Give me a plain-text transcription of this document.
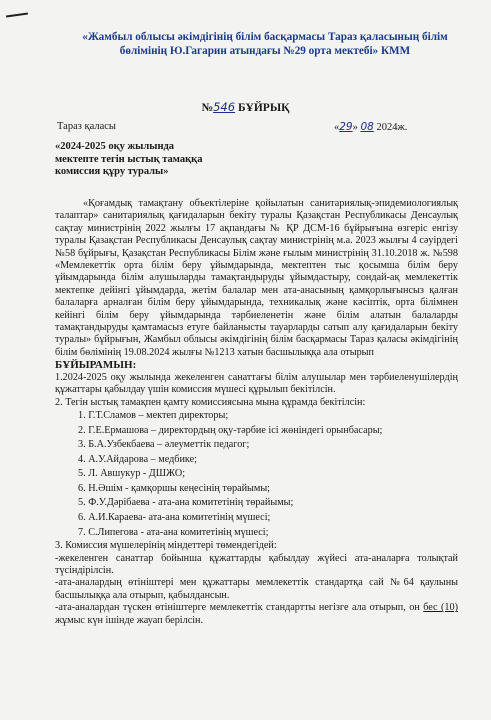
«Жамбыл облысы әкімдігінің білім басқармасы Тараз қаласының білім
бөлімінің Ю.Гагарин атындағы №29 орта мектебі» КММ
№546 БҰЙРЫҚ
Тараз қаласы	«29» 08 2024ж.
«2024-2025 оқу жылында
мектепте тегін ыстық тамаққа
комиссия құру туралы»

«Қоғамдық тамақтану объектілеріне қойылатын санитариялық-эпидемиологиялық талаптар» санитариялық қағидаларын бекіту туралы Қазақстан Республикасы Денсаулық сақтау министрінің 2022 жылғы 17 ақпандағы № ҚР ДСМ-16 бұйрығына өзгеріс енгізу туралы Қазақстан Республикасы Денсаулық сақтау министрінің м.а. 2023 жылғы 4 сәуірдегі №58 бұйрығы, Қазақстан Республикасы Білім және ғылым министрінің 31.10.2018 ж. №598 «Мемлекеттік орта білім беру ұйымдарында, мектептен тыс қосымша білім беру ұйымдарында білім алушыларды тамақтандыруды ұйымдастыру, сондай-ақ мемлекеттік мектепке дейінгі ұйымдарда, жетім балалар мен ата-анасының қамқорлығынсыз қалған балаларға арналған білім беру ұйымдарында, техникалық және кәсіптік, орта білімнен кейінгі білім беру ұйымдарында тәрбиеленетін және білім алатын балаларды тамақтандыруды қамтамасыз етуге байланысты тауарларды сатып алу қағидаларын бекіту туралы» бұйрығын, Жамбыл облысы әкімдігінің білім басқармасы Тараз қаласы әкімдігінің білім бөлімінің 19.08.2024 жылғы №1213 хатын басшылыққа ала отырып

БҰЙЫРАМЫН:

1.2024-2025 оқу жылында жекеленген санаттағы білім алушылар мен тәрбиеленушілердің құжаттары қабылдау үшін комиссия мүшесі құрылып бекітілсін.

2. Тегін ыстық тамақпен қамту комиссиясына мына құрамда бекітілсін:

1. Г.Т.Сламов – мектеп директоры;
2. Г.Е.Ермашова – директордың оқу-тәрбие ісі жөніндегі орынбасары;
3. Б.А.Узбекбаева – әлеуметтік педагог;
4. А.У.Айдарова – медбике;
5. Л. Авшукур - ДШЖО;
6. Н.Әшім - қамқоршы кеңесінің төрайымы;
5. Ф.У.Дәрібаева - ата-ана комитетінің төрайымы;
6. А.И.Караева- ата-ана комитетінің мүшесі;
7. С.Липегова - ата-ана комитетінің мүшесі;

3. Комиссия мүшелерінің міндеттері төмендегідей:

-жекеленген санаттар бойынша құжаттарды қабылдау жүйесі ата-аналарға толықтай түсіндірілсін.

-ата-аналардың өтініштері мен құжаттары мемлекеттік стандартқа сай №64 қаулыны басшылыққа ала отырып, қабылдансын.

-ата-аналардан түскен өтініштерге мемлекеттік стандартты негізге ала отырып, он бес (10) жұмыс күн ішінде жауап берілсін.
